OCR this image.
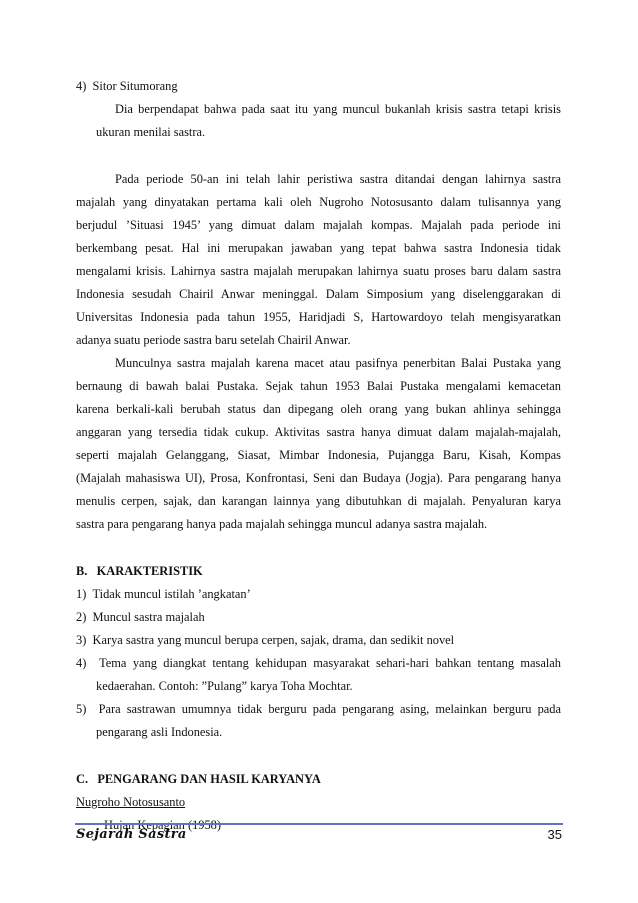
4)  Sitor Situmorang
Dia berpendapat bahwa pada saat itu yang muncul bukanlah krisis sastra tetapi krisis
ukuran menilai sastra.
Pada periode 50-an ini telah lahir peristiwa sastra ditandai dengan lahirnya sastra
majalah yang dinyatakan pertama kali oleh Nugroho Notosusanto dalam tulisannya yang
berjudul ’Situasi 1945’ yang dimuat dalam majalah kompas. Majalah pada periode ini
berkembang pesat. Hal ini merupakan jawaban yang tepat bahwa sastra Indonesia tidak
mengalami krisis. Lahirnya sastra majalah merupakan lahirnya suatu proses baru dalam sastra
Indonesia sesudah Chairil Anwar meninggal. Dalam Simposium yang diselenggarakan di
Universitas Indonesia pada tahun 1955, Haridjadi S, Hartowardoyo telah mengisyaratkan
adanya suatu periode sastra baru setelah Chairil Anwar.
Munculnya sastra majalah karena macet atau pasifnya penerbitan Balai Pustaka yang
bernaung di bawah balai Pustaka. Sejak tahun 1953 Balai Pustaka mengalami kemacetan
karena berkali-kali berubah status dan dipegang oleh orang yang bukan ahlinya sehingga
anggaran yang tersedia tidak cukup. Aktivitas sastra hanya dimuat dalam majalah-majalah,
seperti majalah Gelanggang, Siasat, Mimbar Indonesia, Pujangga Baru, Kisah, Kompas
(Majalah mahasiswa UI), Prosa, Konfrontasi, Seni dan Budaya (Jogja). Para pengarang hanya
menulis cerpen, sajak, dan karangan lainnya yang dibutuhkan di majalah. Penyaluran karya
sastra para pengarang hanya pada majalah sehingga muncul adanya sastra majalah.
B.   KARAKTERISTIK
1)  Tidak muncul istilah ’angkatan’
2)  Muncul sastra majalah
3)  Karya sastra yang muncul berupa cerpen, sajak, drama, dan sedikit novel
4)  Tema yang diangkat tentang kehidupan masyarakat sehari-hari bahkan tentang masalah
kedaerahan. Contoh: ”Pulang” karya Toha Mochtar.
5)  Para sastrawan umumnya tidak berguru pada pengarang asing, melainkan berguru pada
pengarang asli Indonesia.
C.   PENGARANG DAN HASIL KARYANYA
Nugroho Notosusanto
Hujan Kepagian (1958)
Sejarah Sastra	35
